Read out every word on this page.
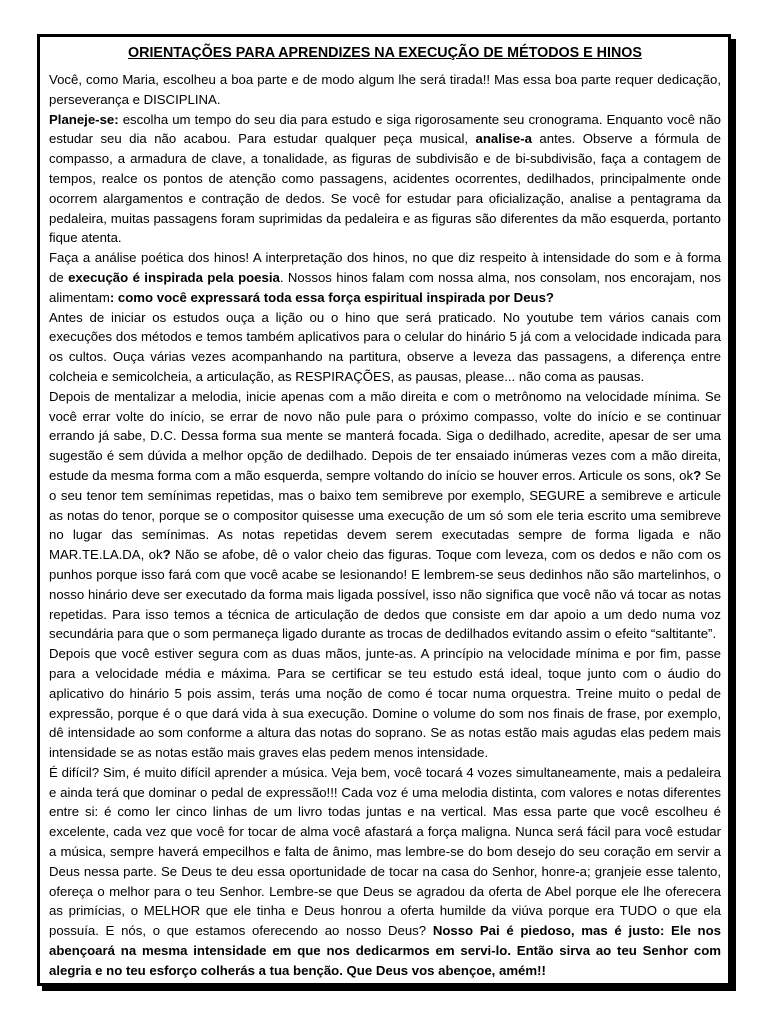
ORIENTAÇÕES PARA APRENDIZES NA EXECUÇÃO DE MÉTODOS E HINOS

Você, como Maria, escolheu a boa parte e de modo algum lhe será tirada!! Mas essa boa parte requer dedicação, perseverança e DISCIPLINA.

Planeje-se: escolha um tempo do seu dia para estudo e siga rigorosamente seu cronograma. Enquanto você não estudar seu dia não acabou. Para estudar qualquer peça musical, analise-a antes. Observe a fórmula de compasso, a armadura de clave, a tonalidade, as figuras de subdivisão e de bi-subdivisão, faça a contagem de tempos, realce os pontos de atenção como passagens, acidentes ocorrentes, dedilhados, principalmente onde ocorrem alargamentos e contração de dedos. Se você for estudar para oficialização, analise a pentagrama da pedaleira, muitas passagens foram suprimidas da pedaleira e as figuras são diferentes da mão esquerda, portanto fique atenta.

Faça a análise poética dos hinos! A interpretação dos hinos, no que diz respeito à intensidade do som e à forma de execução é inspirada pela poesia. Nossos hinos falam com nossa alma, nos consolam, nos encorajam, nos alimentam: como você expressará toda essa força espiritual inspirada por Deus?

Antes de iniciar os estudos ouça a lição ou o hino que será praticado. No youtube tem vários canais com execuções dos métodos e temos também aplicativos para o celular do hinário 5 já com a velocidade indicada para os cultos. Ouça várias vezes acompanhando na partitura, observe a leveza das passagens, a diferença entre colcheia e semicolcheia, a articulação, as RESPIRAÇÕES, as pausas, please... não coma as pausas.

Depois de mentalizar a melodia, inicie apenas com a mão direita e com o metrônomo na velocidade mínima. Se você errar volte do início, se errar de novo não pule para o próximo compasso, volte do início e se continuar errando já sabe, D.C. Dessa forma sua mente se manterá focada. Siga o dedilhado, acredite, apesar de ser uma sugestão é sem dúvida a melhor opção de dedilhado. Depois de ter ensaiado inúmeras vezes com a mão direita, estude da mesma forma com a mão esquerda, sempre voltando do início se houver erros. Articule os sons, ok? Se o seu tenor tem semínimas repetidas, mas o baixo tem semibreve por exemplo, SEGURE a semibreve e articule as notas do tenor, porque se o compositor quisesse uma execução de um só som ele teria escrito uma semibreve no lugar das semínimas. As notas repetidas devem serem executadas sempre de forma ligada e não MAR.TE.LA.DA, ok? Não se afobe, dê o valor cheio das figuras. Toque com leveza, com os dedos e não com os punhos porque isso fará com que você acabe se lesionando! E lembrem-se seus dedinhos não são martelinhos, o nosso hinário deve ser executado da forma mais ligada possível, isso não significa que você não vá tocar as notas repetidas. Para isso temos a técnica de articulação de dedos que consiste em dar apoio a um dedo numa voz secundária para que o som permaneça ligado durante as trocas de dedilhados evitando assim o efeito “saltitante”.

Depois que você estiver segura com as duas mãos, junte-as. A princípio na velocidade mínima e por fim, passe para a velocidade média e máxima. Para se certificar se teu estudo está ideal, toque junto com o áudio do aplicativo do hinário 5 pois assim, terás uma noção de como é tocar numa orquestra. Treine muito o pedal de expressão, porque é o que dará vida à sua execução. Domine o volume do som nos finais de frase, por exemplo, dê intensidade ao som conforme a altura das notas do soprano. Se as notas estão mais agudas elas pedem mais intensidade se as notas estão mais graves elas pedem menos intensidade.

É difícil? Sim, é muito difícil aprender a música. Veja bem, você tocará 4 vozes simultaneamente, mais a pedaleira e ainda terá que dominar o pedal de expressão!!! Cada voz é uma melodia distinta, com valores e notas diferentes entre si: é como ler cinco linhas de um livro todas juntas e na vertical. Mas essa parte que você escolheu é excelente, cada vez que você for tocar de alma você afastará a força maligna. Nunca será fácil para você estudar a música, sempre haverá empecilhos e falta de ânimo, mas lembre-se do bom desejo do seu coração em servir a Deus nessa parte. Se Deus te deu essa oportunidade de tocar na casa do Senhor, honre-a; granjeie esse talento, ofereça o melhor para o teu Senhor. Lembre-se que Deus se agradou da oferta de Abel porque ele lhe oferecera as primícias, o MELHOR que ele tinha e Deus honrou a oferta humilde da viúva porque era TUDO o que ela possuía. E nós, o que estamos oferecendo ao nosso Deus? Nosso Pai é piedoso, mas é justo: Ele nos abençoará na mesma intensidade em que nos dedicarmos em servi-lo. Então sirva ao teu Senhor com alegria e no teu esforço colherás a tua benção. Que Deus vos abençoe, amém!!
